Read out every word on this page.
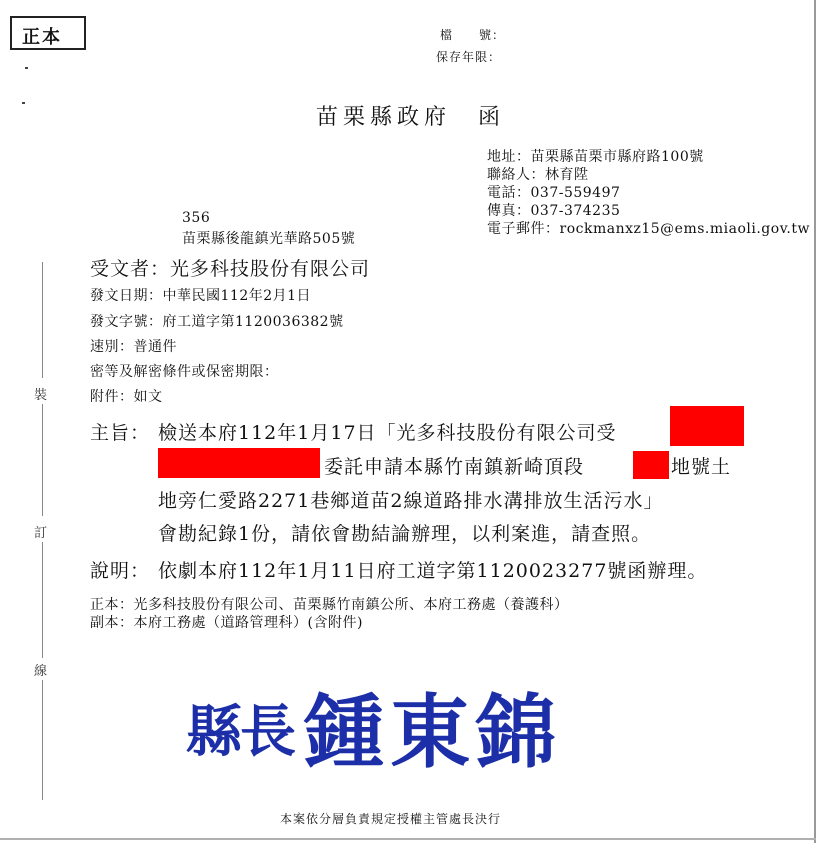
正本	檔　　號：
保存年限：
苗栗縣政府　函
地址：苗栗縣苗栗市縣府路100號
聯絡人：林育陞
電話：037-559497
傳真：037-374235
電子郵件：rockmanxz15@ems.miaoli.gov.tw
356
苗栗縣後龍鎮光華路505號
受文者：光多科技股份有限公司
發文日期：中華民國112年2月1日
發文字號：府工道字第1120036382號
速別：普通件
密等及解密條件或保密期限：
附件：如文
主旨： 檢送本府112年1月17日「光多科技股份有限公司受
委託申請本縣竹南鎮新崎頂段	地號土
地旁仁愛路2271巷鄉道苗2線道路排水溝排放生活污水」
會勘紀錄1份，請依會勘結論辦理，以利案進，請查照。
說明： 依劇本府112年1月11日府工道字第1120023277號函辦理。
正本：光多科技股份有限公司、苗栗縣竹南鎮公所、本府工務處（養護科）
副本：本府工務處（道路管理科）(含附件)
裝
訂
線
縣
長 鍾 東 錦
本案依分層負責規定授權主管處長決行
